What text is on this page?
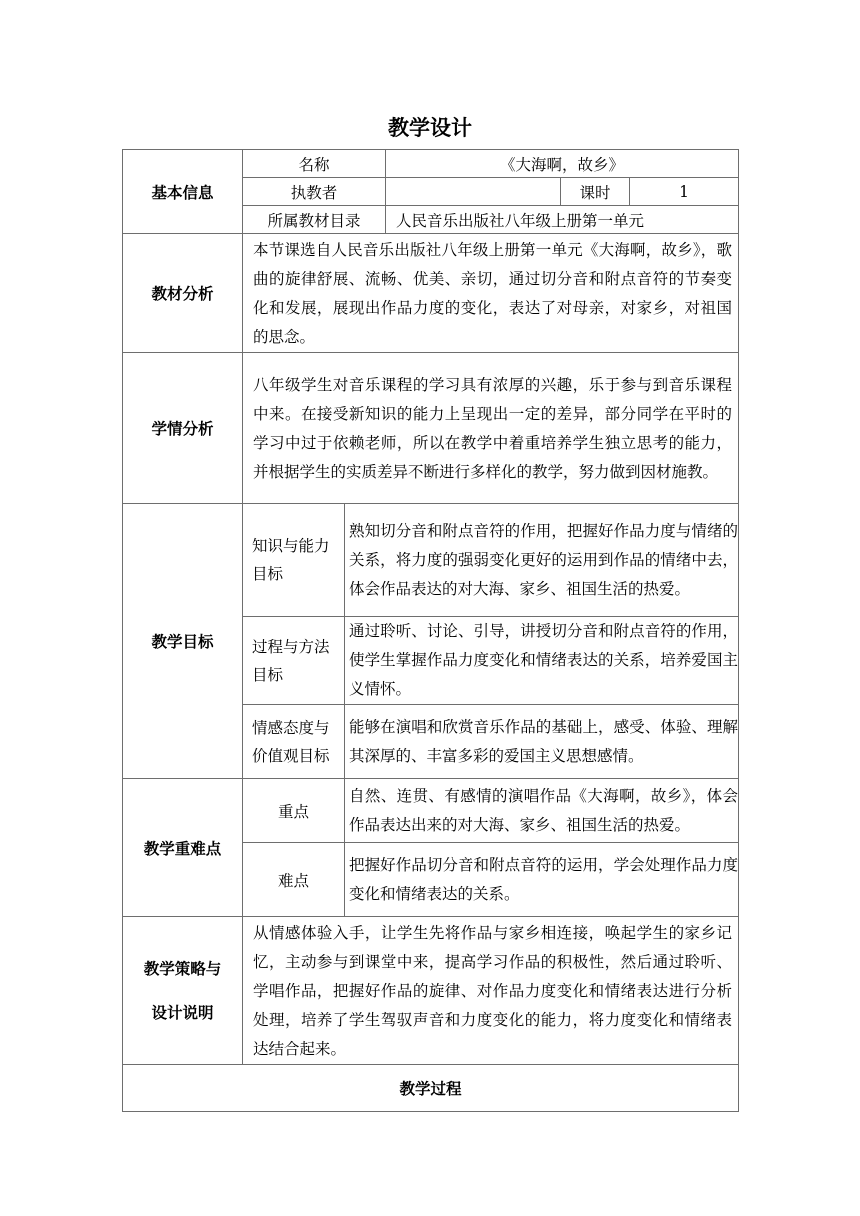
教学设计
基本信息	名称		《大海啊，故乡》		
	执教者			课时	1
	所属教材目录		人民音乐出版社八年级上册第一单元		
教材分析	本节课选自人民音乐出版社八年级上册第一单元《大海啊，故乡》，歌曲的旋律舒展、流畅、优美、亲切，通过切分音和附点音符的节奏变化和发展，展现出作品力度的变化，表达了对母亲，对家乡，对祖国的思念。				
学情分析	八年级学生对音乐课程的学习具有浓厚的兴趣，乐于参与到音乐课程中来。在接受新知识的能力上呈现出一定的差异，部分同学在平时的学习中过于依赖老师，所以在教学中着重培养学生独立思考的能力，并根据学生的实质差异不断进行多样化的教学，努力做到因材施教。				
教学目标	知识与能力目标	熟知切分音和附点音符的作用，把握好作品力度与情绪的关系，将力度的强弱变化更好的运用到作品的情绪中去，体会作品表达的对大海、家乡、祖国生活的热爱。			
	过程与方法目标	通过聆听、讨论、引导，讲授切分音和附点音符的作用，使学生掌握作品力度变化和情绪表达的关系，培养爱国主义情怀。			
	情感态度与价值观目标	能够在演唱和欣赏音乐作品的基础上，感受、体验、理解其深厚的、丰富多彩的爱国主义思想感情。			
教学重难点	重点	自然、连贯、有感情的演唱作品《大海啊，故乡》，体会作品表达出来的对大海、家乡、祖国生活的热爱。			
	难点	把握好作品切分音和附点音符的运用，学会处理作品力度变化和情绪表达的关系。			

教学策略与
设计说明	从情感体验入手，让学生先将作品与家乡相连接，唤起学生的家乡记忆，主动参与到课堂中来，提高学习作品的积极性，然后通过聆听、学唱作品，把握好作品的旋律、对作品力度变化和情绪表达进行分析处理，培养了学生驾驭声音和力度变化的能力，将力度变化和情绪表达结合起来。				
教学过程					
